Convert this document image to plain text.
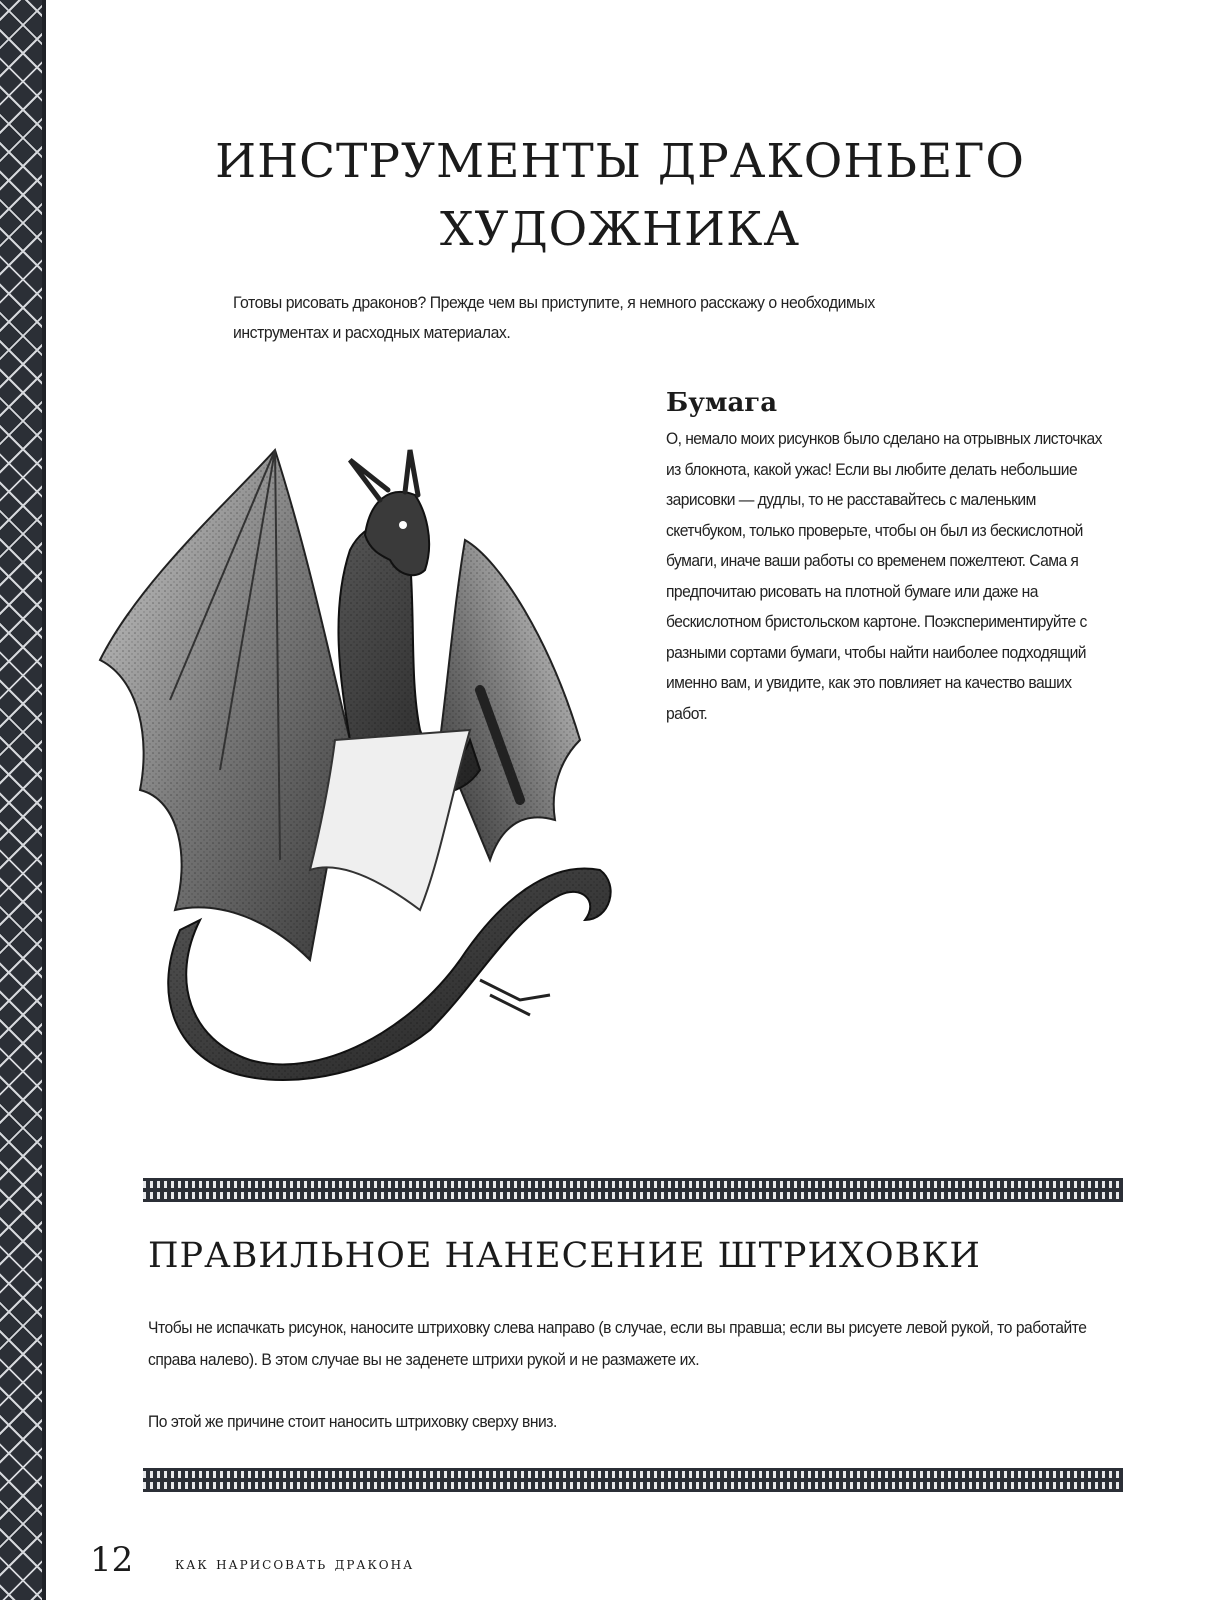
ИНСТРУМЕНТЫ ДРАКОНЬЕГО ХУДОЖНИКА

Готовы рисовать драконов? Прежде чем вы приступите, я немного расскажу о необходимых инструментах и расходных материалах.

Бумага

О, немало моих рисунков было сделано на отрывных листочках из блокнота, какой ужас! Если вы любите делать небольшие зарисовки — дудлы, то не расставайтесь с маленьким скетчбуком, только проверьте, чтобы он был из бескислотной бумаги, иначе ваши работы со временем пожелтеют. Сама я предпочитаю рисовать на плотной бумаге или даже на бескислотном бристольском картоне. Поэкспериментируйте с разными сортами бумаги, чтобы найти наиболее подходящий именно вам, и увидите, как это повлияет на качество ваших работ.

ПРАВИЛЬНОЕ НАНЕСЕНИЕ ШТРИХОВКИ

Чтобы не испачкать рисунок, наносите штриховку слева направо (в случае, если вы правша; если вы рисуете левой рукой, то работайте справа налево). В этом случае вы не заденете штрихи рукой и не размажете их.

По этой же причине стоит наносить штриховку сверху вниз.

12 как нарисовать дракона
